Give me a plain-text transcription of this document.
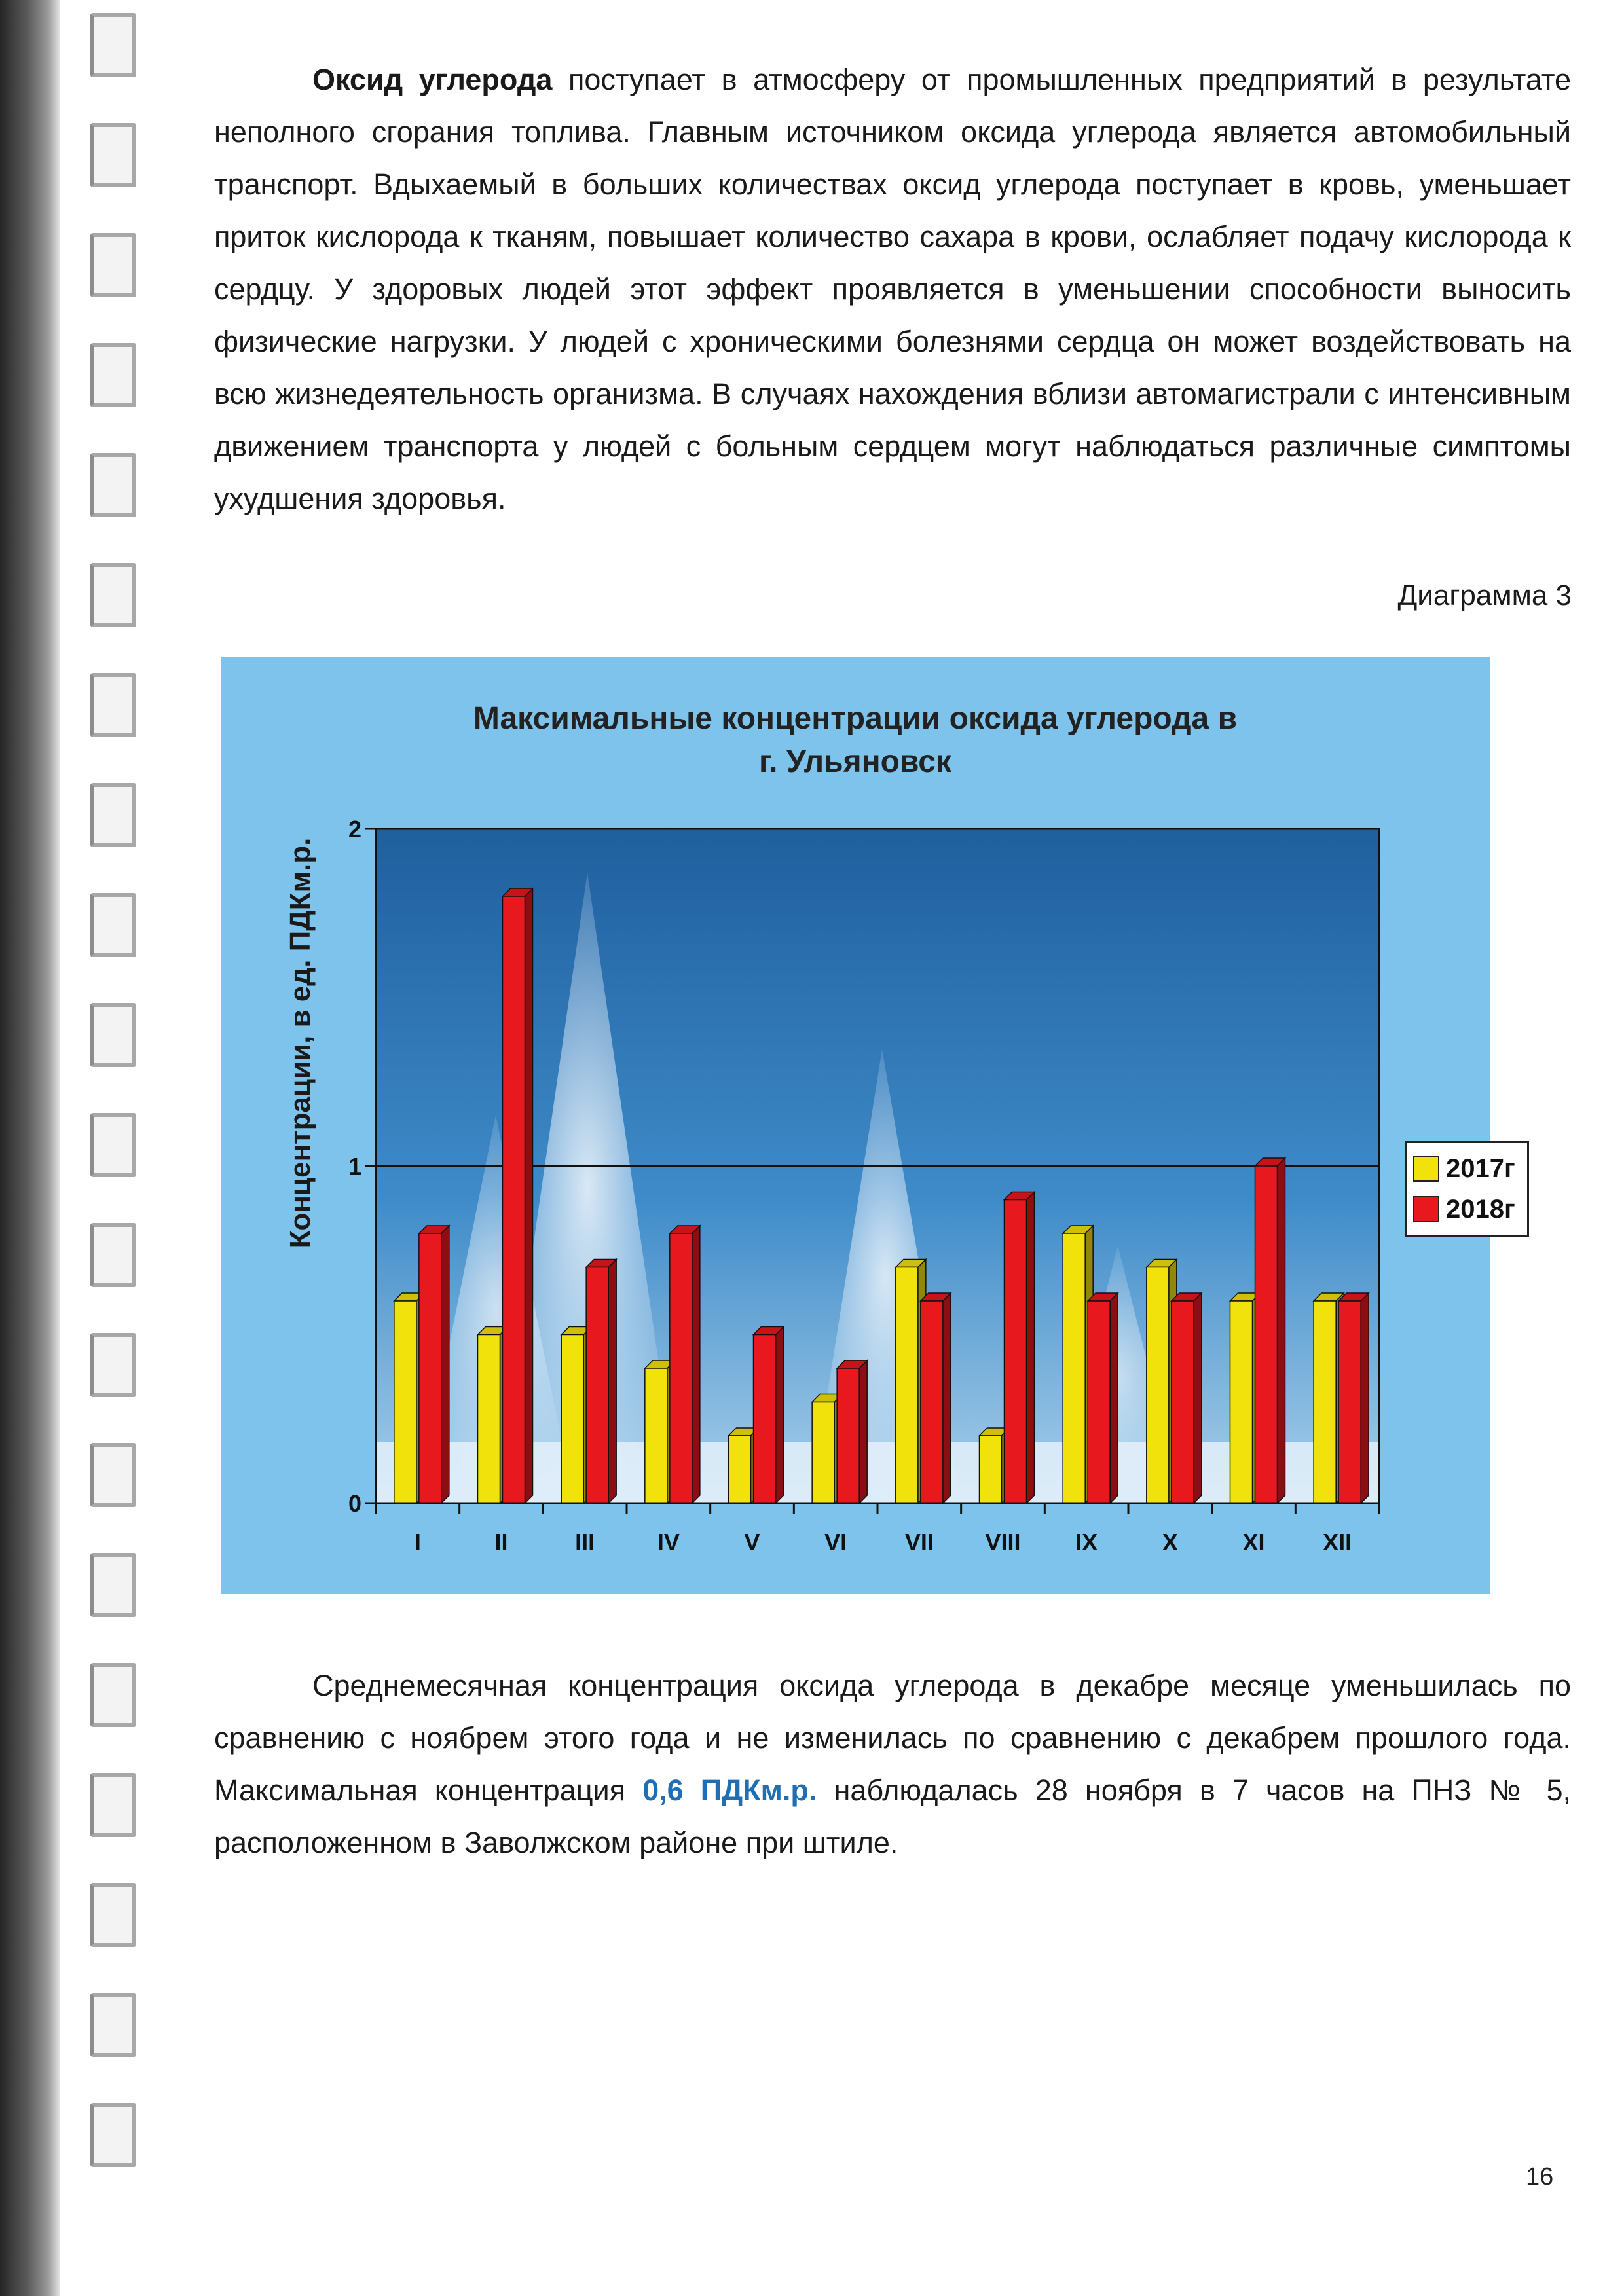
Оксид углерода поступает в атмосферу от промышленных предприятий в результате неполного сгорания топлива. Главным источником оксида углерода является автомобильный транспорт. Вдыхаемый в больших количествах оксид углерода поступает в кровь, уменьшает приток кислорода к тканям, повышает количество сахара в крови, ослабляет подачу кислорода к сердцу. У здоровых людей этот эффект проявляется в уменьшении способности выносить физические нагрузки. У людей с хроническими болезнями сердца он может воздействовать на всю жизнедеятельность организма. В случаях нахождения вблизи автомагистрали с интенсивным движением транспорта у людей с больным сердцем могут наблюдаться различные симптомы ухудшения здоровья.

Диаграмма 3
I	II	III	IV	V	VI VII VIII IX	X	XI XII
0
1
2
Максимальные концентрации оксида углерода в
г. Ульяновск
Концентрации, в ед. ПДКм.р.	2017г
2018г

Среднемесячная концентрация оксида углерода в декабре месяце уменьшилась по сравнению с ноябрем этого года и не изменилась по сравнению с декабрем прошлого года. Максимальная концентрация 0,6 ПДКм.р. наблюдалась 28 ноября в 7 часов на ПНЗ № 5, расположенном в Заволжском районе при штиле.

16
